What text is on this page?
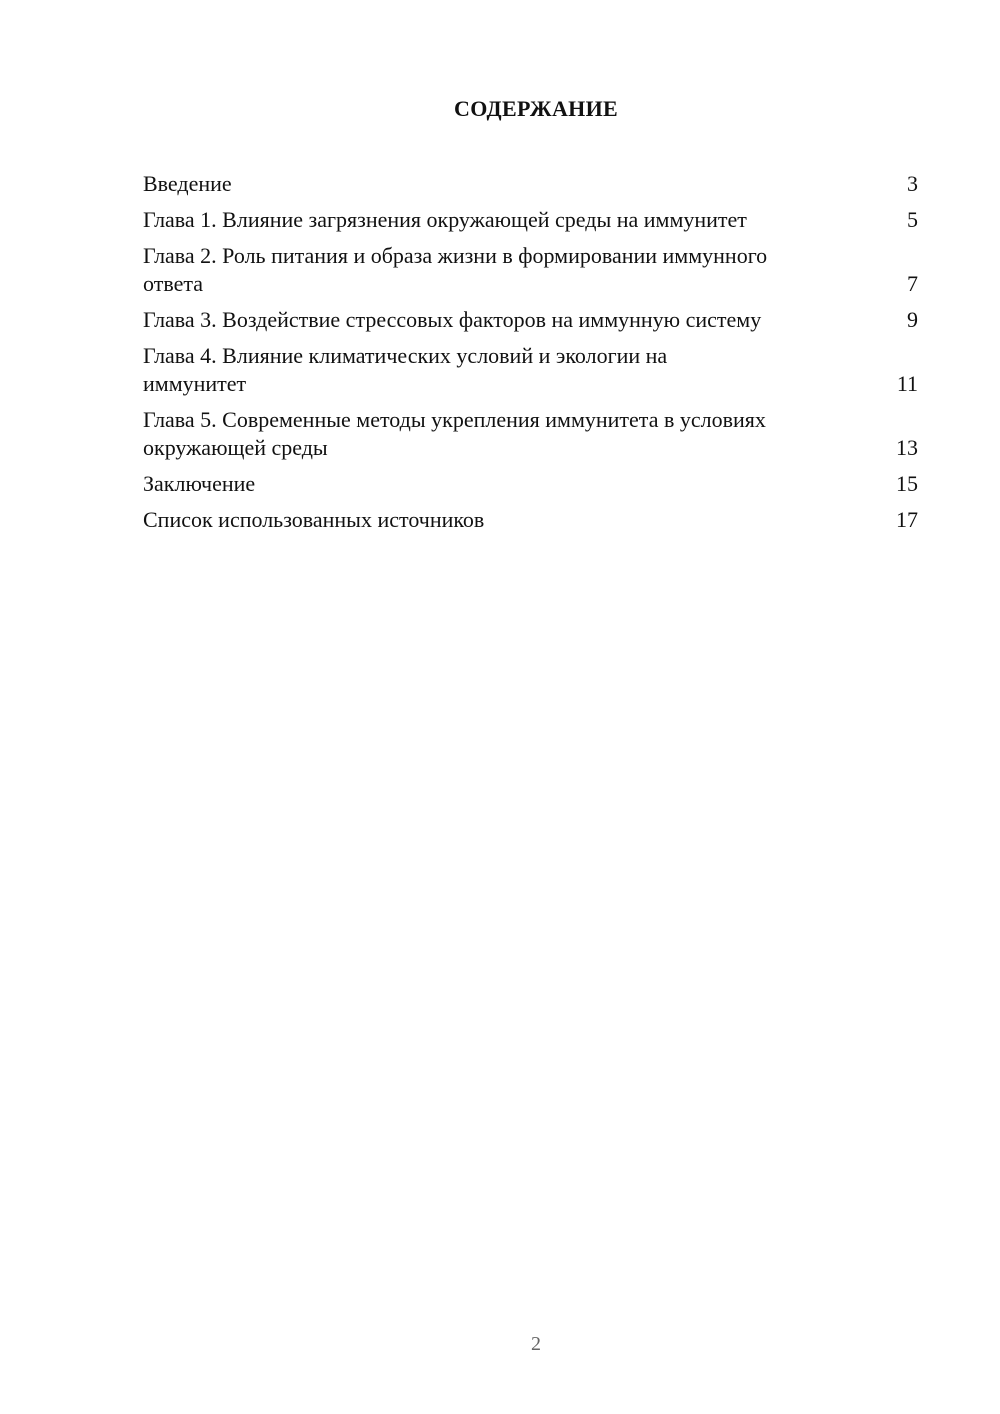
СОДЕРЖАНИЕ
Введение	3
Глава 1. Влияние загрязнения окружающей среды на иммунитет	5
Глава 2. Роль питания и образа жизни в формировании иммунного ответа	7
Глава 3. Воздействие стрессовых факторов на иммунную систему	9
Глава 4. Влияние климатических условий и экологии на иммунитет	11
Глава 5. Современные методы укрепления иммунитета в условиях окружающей среды	13
Заключение	15
Список использованных источников	17
2
